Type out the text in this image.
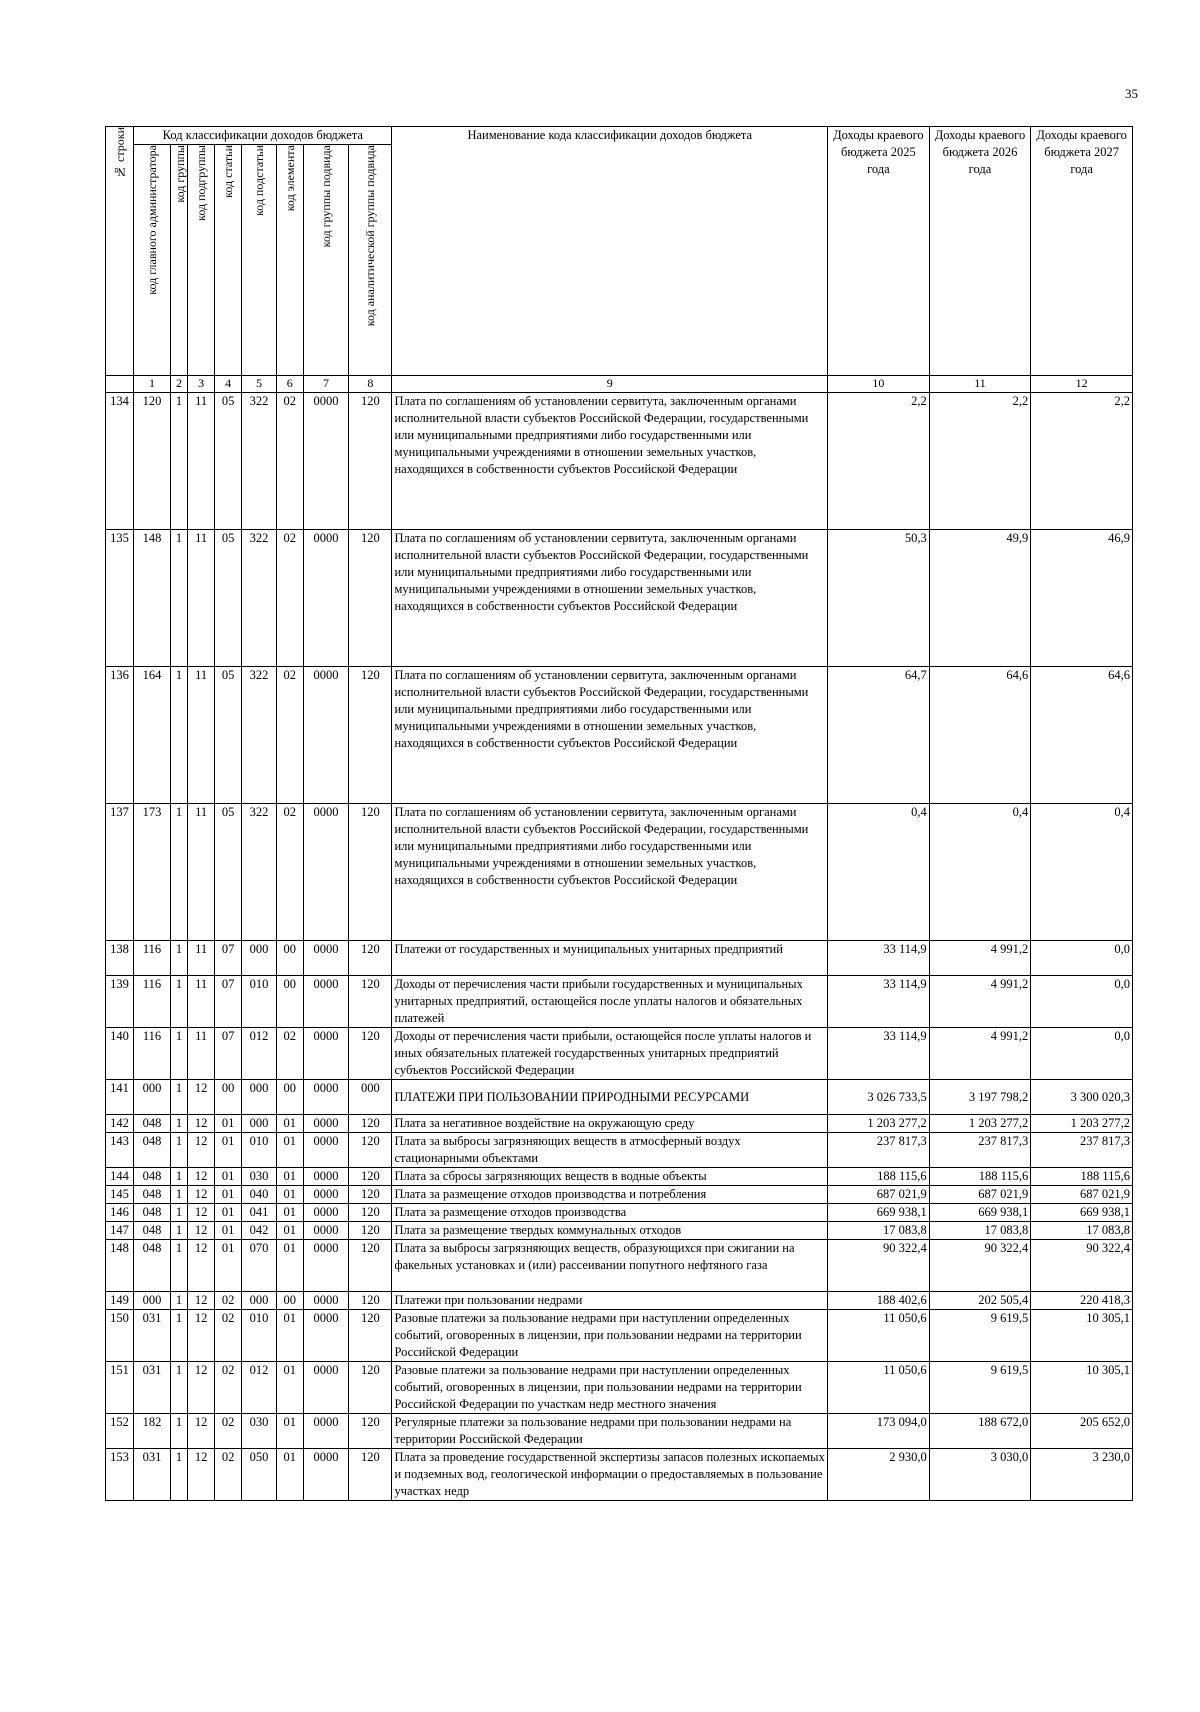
35
№ строки	Код классификации доходов бюджета								Наименование кода классификации доходов бюджета	Доходы краевого бюджета 2025 года	Доходы краевого бюджета 2026 года	Доходы краевого бюджета 2027 года
	код главного администратора	код группы	код подгруппы	код статьи	код подстатьи	код элемента	код группы подвида	код аналитической группы подвида				
	1	2	3	4	5	6	7	8	9	10	11	12
134	120	1	11	05	322	02	0000	120	Плата по соглашениям об установлении сервитута, заключенным органами исполнительной власти субъектов Российской Федерации, государственными или муниципальными предприятиями либо государственными или муниципальными учреждениями в отношении земельных участков, находящихся в собственности субъектов Российской Федерации	2,2	2,2	2,2
135	148	1	11	05	322	02	0000	120	Плата по соглашениям об установлении сервитута, заключенным органами исполнительной власти субъектов Российской Федерации, государственными или муниципальными предприятиями либо государственными или муниципальными учреждениями в отношении земельных участков, находящихся в собственности субъектов Российской Федерации	50,3	49,9	46,9
136	164	1	11	05	322	02	0000	120	Плата по соглашениям об установлении сервитута, заключенным органами исполнительной власти субъектов Российской Федерации, государственными или муниципальными предприятиями либо государственными или муниципальными учреждениями в отношении земельных участков, находящихся в собственности субъектов Российской Федерации	64,7	64,6	64,6
137	173	1	11	05	322	02	0000	120	Плата по соглашениям об установлении сервитута, заключенным органами исполнительной власти субъектов Российской Федерации, государственными или муниципальными предприятиями либо государственными или муниципальными учреждениями в отношении земельных участков, находящихся в собственности субъектов Российской Федерации	0,4	0,4	0,4
138	116	1	11	07	000	00	0000	120	Платежи от государственных и муниципальных унитарных предприятий	33 114,9	4 991,2	0,0
139	116	1	11	07	010	00	0000	120	Доходы от перечисления части прибыли государственных и муниципальных унитарных предприятий, остающейся после уплаты налогов и обязательных платежей	33 114,9	4 991,2	0,0
140	116	1	11	07	012	02	0000	120	Доходы от перечисления части прибыли, остающейся после уплаты налогов и иных обязательных платежей государственных унитарных предприятий субъектов Российской Федерации	33 114,9	4 991,2	0,0
141	000	1	12	00	000	00	0000	000	ПЛАТЕЖИ ПРИ ПОЛЬЗОВАНИИ ПРИРОДНЫМИ РЕСУРСАМИ	3 026 733,5	3 197 798,2	3 300 020,3
142	048	1	12	01	000	01	0000	120	Плата за негативное воздействие на окружающую среду	1 203 277,2	1 203 277,2	1 203 277,2
143	048	1	12	01	010	01	0000	120	Плата за выбросы загрязняющих веществ в атмосферный воздух стационарными объектами	237 817,3	237 817,3	237 817,3
144	048	1	12	01	030	01	0000	120	Плата за сбросы загрязняющих веществ в водные объекты	188 115,6	188 115,6	188 115,6
145	048	1	12	01	040	01	0000	120	Плата за размещение отходов производства и потребления	687 021,9	687 021,9	687 021,9
146	048	1	12	01	041	01	0000	120	Плата за размещение отходов производства	669 938,1	669 938,1	669 938,1
147	048	1	12	01	042	01	0000	120	Плата за размещение твердых коммунальных отходов	17 083,8	17 083,8	17 083,8
148	048	1	12	01	070	01	0000	120	Плата за выбросы загрязняющих веществ, образующихся при сжигании на факельных установках и (или) рассеивании попутного нефтяного газа	90 322,4	90 322,4	90 322,4
149	000	1	12	02	000	00	0000	120	Платежи при пользовании недрами	188 402,6	202 505,4	220 418,3
150	031	1	12	02	010	01	0000	120	Разовые платежи за пользование недрами при наступлении определенных событий, оговоренных в лицензии, при пользовании недрами на территории Российской Федерации	11 050,6	9 619,5	10 305,1
151	031	1	12	02	012	01	0000	120	Разовые платежи за пользование недрами при наступлении определенных событий, оговоренных в лицензии, при пользовании недрами на территории Российской Федерации по участкам недр местного значения	11 050,6	9 619,5	10 305,1
152	182	1	12	02	030	01	0000	120	Регулярные платежи за пользование недрами при пользовании недрами на территории Российской Федерации	173 094,0	188 672,0	205 652,0
153	031	1	12	02	050	01	0000	120	Плата за проведение государственной экспертизы запасов полезных ископаемых и подземных вод, геологической информации о предоставляемых в пользование участках недр	2 930,0	3 030,0	3 230,0
